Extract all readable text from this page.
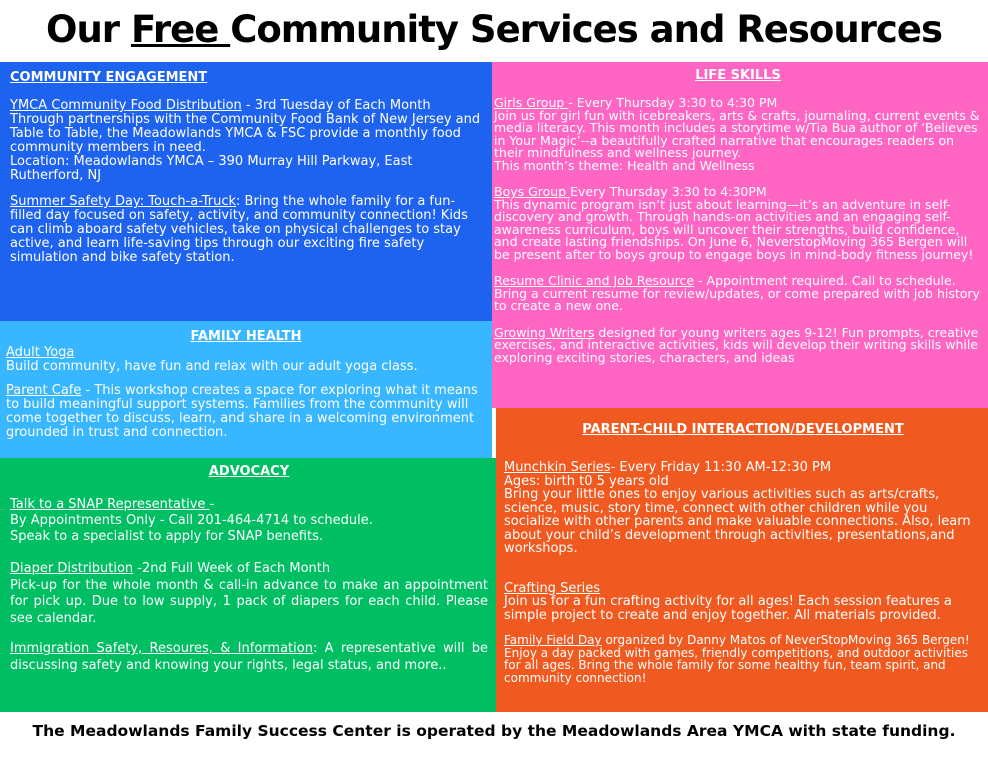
Our Free Community Services and Resources
COMMUNITY ENGAGEMENT
YMCA Community Food Distribution - 3rd Tuesday of Each Month
Through partnerships with the Community Food Bank of New Jersey and Table to Table, the Meadowlands YMCA & FSC provide a monthly food community members in need.
Location: Meadowlands YMCA – 390 Murray Hill Parkway, East Rutherford, NJ
Summer Safety Day: Touch-a-Truck: Bring the whole family for a fun-filled day focused on safety, activity, and community connection! Kids can climb aboard safety vehicles, take on physical challenges to stay active, and learn life-saving tips through our exciting fire safety simulation and bike safety station.
FAMILY HEALTH
Adult Yoga
Build community, have fun and relax with our adult yoga class.
Parent Cafe - This workshop creates a space for exploring what it means to build meaningful support systems. Families from the community will come together to discuss, learn, and share in a welcoming environment grounded in trust and connection.
ADVOCACY
Talk to a SNAP Representative -
By Appointments Only - Call 201-464-4714 to schedule.
Speak to a specialist to apply for SNAP benefits.
Diaper Distribution -2nd Full Week of Each Month
Pick-up for the whole month & call-in advance to make an appointment for pick up. Due to low supply, 1 pack of diapers for each child. Please see calendar.
Immigration Safety, Resoures, & Information: A representative will be discussing safety and knowing your rights, legal status, and more..
LIFE SKILLS
Girls Group - Every Thursday 3:30 to 4:30 PM
Join us for girl fun with icebreakers, arts & crafts, journaling, current events & media literacy. This month includes a storytime w/Tia Bua author of ‘Believes in Your Magic’--a beautifully crafted narrative that encourages readers on their mindfulness and wellness journey.
This month’s theme: Health and Wellness
Boys Group Every Thursday 3:30 to 4:30PM
This dynamic program isn’t just about learning—it’s an adventure in self-discovery and growth. Through hands-on activities and an engaging self-awareness curriculum, boys will uncover their strengths, build confidence, and create lasting friendships. On June 6, NeverstopMoving 365 Bergen will be present after to boys group to engage boys in mind-body fitness journey!
Resume Clinic and Job Resource - Appointment required. Call to schedule. Bring a current resume for review/updates, or come prepared with job history to create a new one.
Growing Writers designed for young writers ages 9-12! Fun prompts, creative exercises, and interactive activities, kids will develop their writing skills while exploring exciting stories, characters, and ideas
PARENT-CHILD INTERACTION/DEVELOPMENT
Munchkin Series- Every Friday 11:30 AM-12:30 PM
Ages: birth t0 5 years old
Bring your little ones to enjoy various activities such as arts/crafts, science, music, story time, connect with other children while you socialize with other parents and make valuable connections. Also, learn about your child’s development through activities, presentations,and workshops.
Crafting Series
Join us for a fun crafting activity for all ages! Each session features a simple project to create and enjoy together. All materials provided.
Family Field Day organized by Danny Matos of NeverStopMoving 365 Bergen! Enjoy a day packed with games, friendly competitions, and outdoor activities for all ages. Bring the whole family for some healthy fun, team spirit, and community connection!
The Meadowlands Family Success Center is operated by the Meadowlands Area YMCA with state funding.
